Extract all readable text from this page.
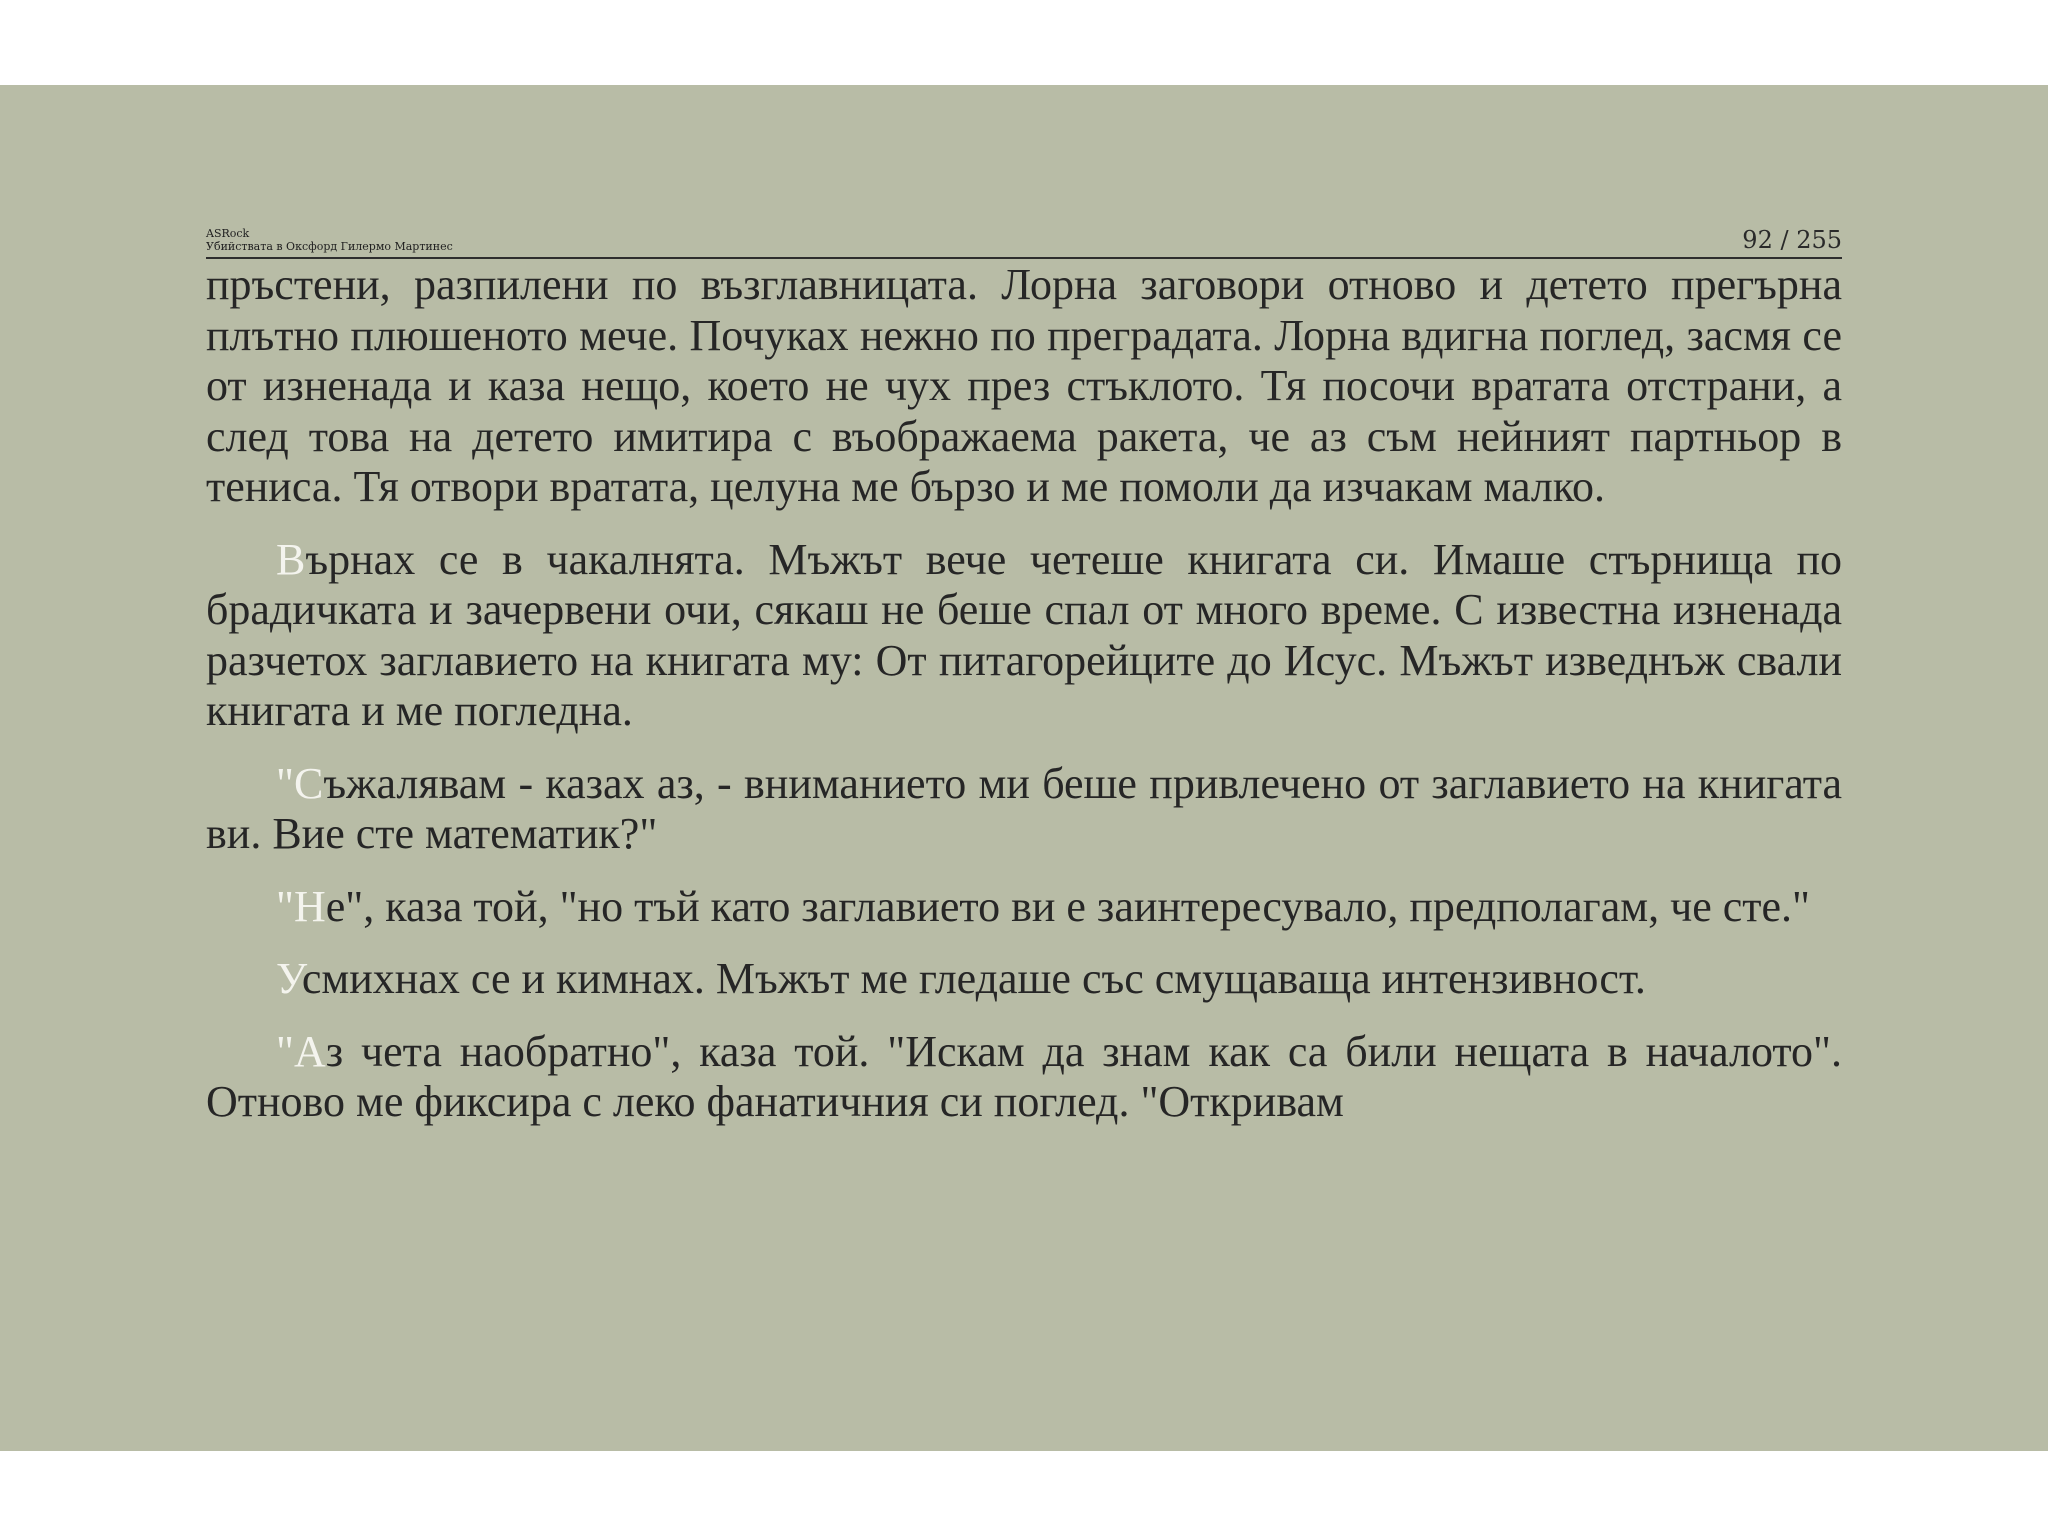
ASRock
Убийствата в Оксфорд Гилермо Мартинес	92 / 255

пръстени, разпилени по възглавницата. Лорна заговори отново и детето прегърна плътно плюшеното мече. Почуках нежно по преградата. Лорна вдигна поглед, засмя се от изненада и каза нещо, което не чух през стъклото. Тя посочи вратата отстрани, а след това на детето имитира с въображаема ракета, че аз съм нейният партньор в тениса. Тя отвори вратата, целуна ме бързо и ме помоли да изчакам малко.

Върнах се в чакалнята. Мъжът вече четеше книгата си. Имаше стърнища по брадичката и зачервени очи, сякаш не беше спал от много време. С известна изненада разчетох заглавието на книгата му: От питагорейците до Исус. Мъжът изведнъж свали книгата и ме погледна.

"Съжалявам - казах аз, - вниманието ми беше привлечено от заглавието на книгата ви. Вие сте математик?"

"Не", каза той, "но тъй като заглавието ви е заинтересувало, предполагам, че сте."

Усмихнах се и кимнах. Мъжът ме гледаше със смущаваща интензивност.

"Аз чета наобратно", каза той. "Искам да знам как са били нещата в началото". Отново ме фиксира с леко фанатичния си поглед. "Откривам
